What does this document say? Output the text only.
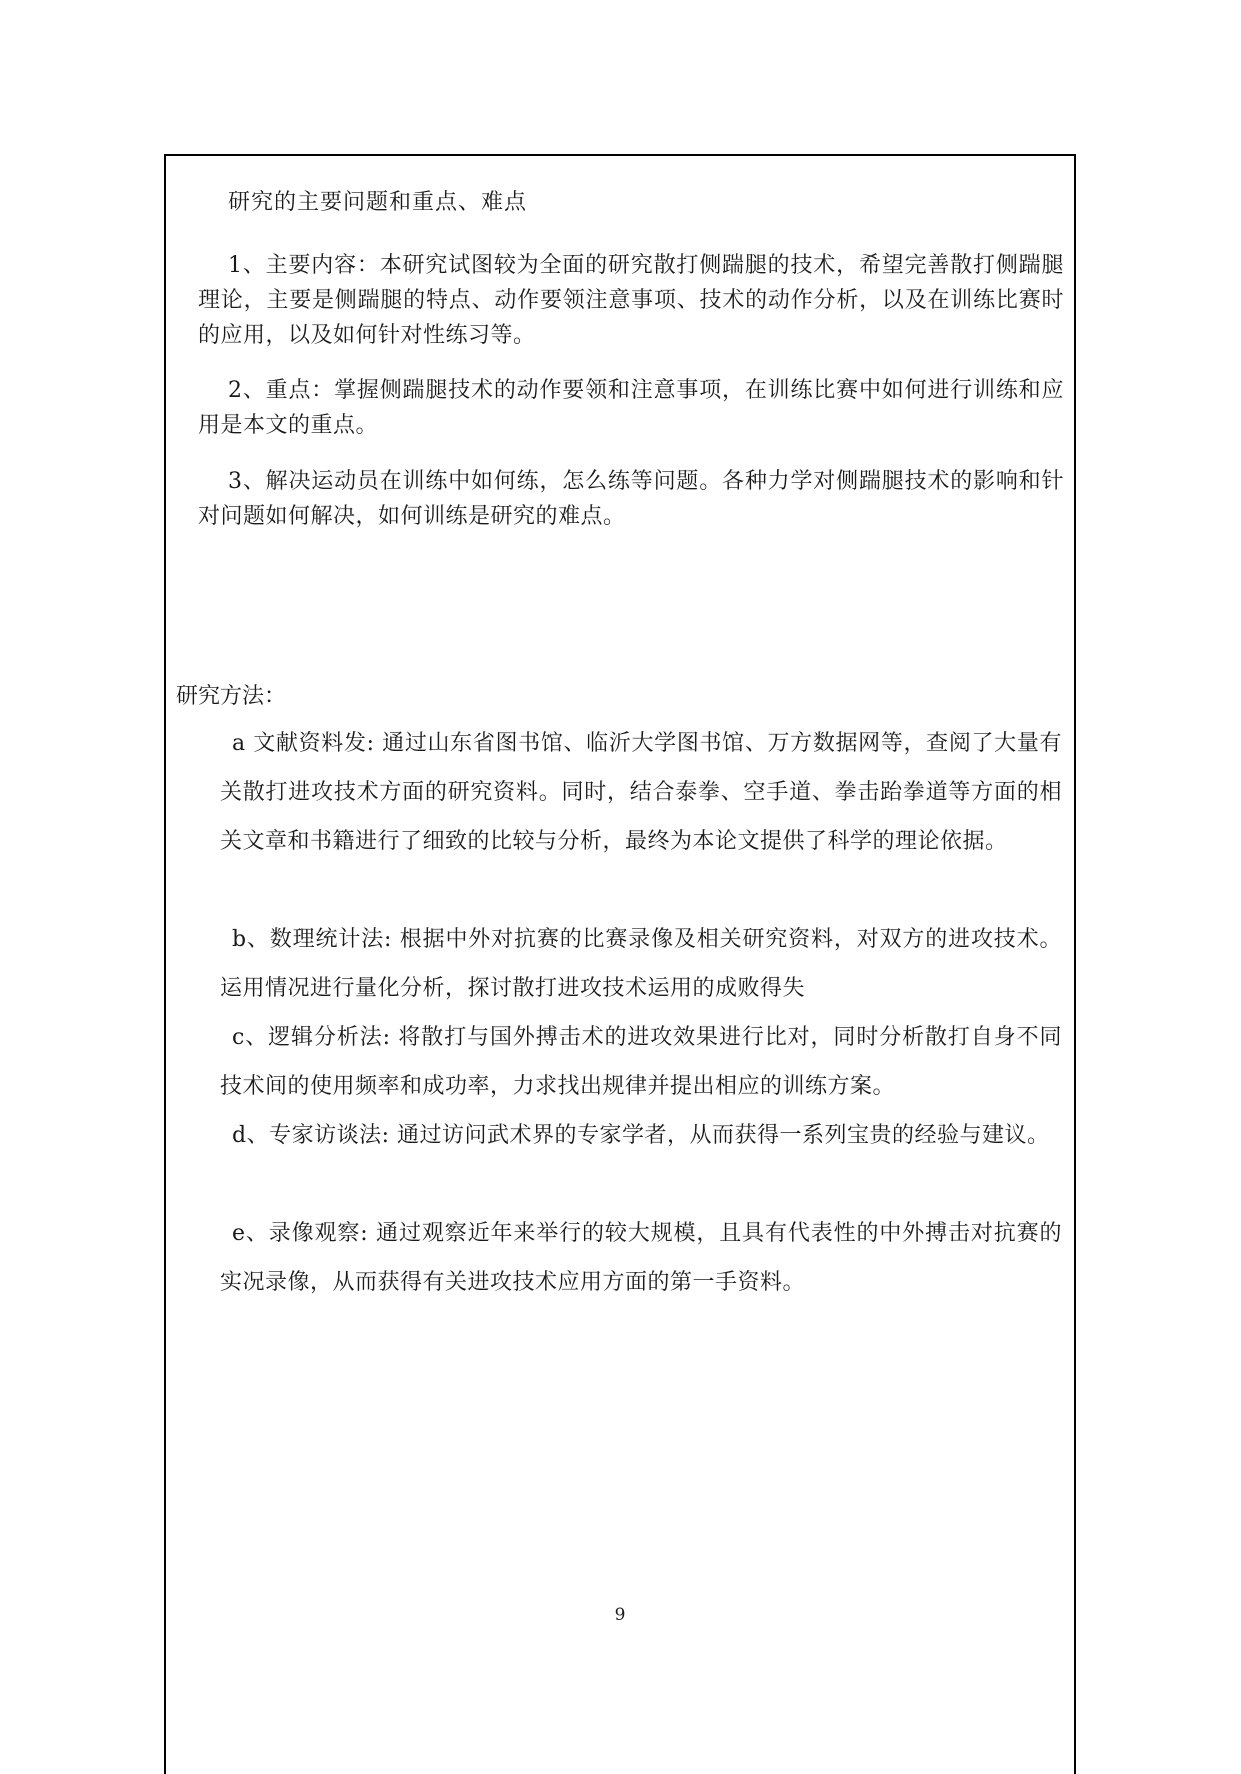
研究的主要问题和重点、难点
1、主要内容：本研究试图较为全面的研究散打侧踹腿的技术，希望完善散打侧踹腿理论，主要是侧踹腿的特点、动作要领注意事项、技术的动作分析，以及在训练比赛时的应用，以及如何针对性练习等。
2、重点：掌握侧踹腿技术的动作要领和注意事项，在训练比赛中如何进行训练和应用是本文的重点。
3、解决运动员在训练中如何练，怎么练等问题。各种力学对侧踹腿技术的影响和针对问题如何解决，如何训练是研究的难点。
研究方法：
a 文献资料发: 通过山东省图书馆、临沂大学图书馆、万方数据网等，查阅了大量有关散打进攻技术方面的研究资料。同时，结合泰拳、空手道、拳击跆拳道等方面的相关文章和书籍进行了细致的比较与分析，最终为本论文提供了科学的理论依据。
b、数理统计法: 根据中外对抗赛的比赛录像及相关研究资料，对双方的进攻技术。运用情况进行量化分析，探讨散打进攻技术运用的成败得失
c、逻辑分析法: 将散打与国外搏击术的进攻效果进行比对，同时分析散打自身不同技术间的使用频率和成功率，力求找出规律并提出相应的训练方案。
d、专家访谈法: 通过访问武术界的专家学者，从而获得一系列宝贵的经验与建议。
e、录像观察: 通过观察近年来举行的较大规模，且具有代表性的中外搏击对抗赛的实况录像，从而获得有关进攻技术应用方面的第一手资料。
9
